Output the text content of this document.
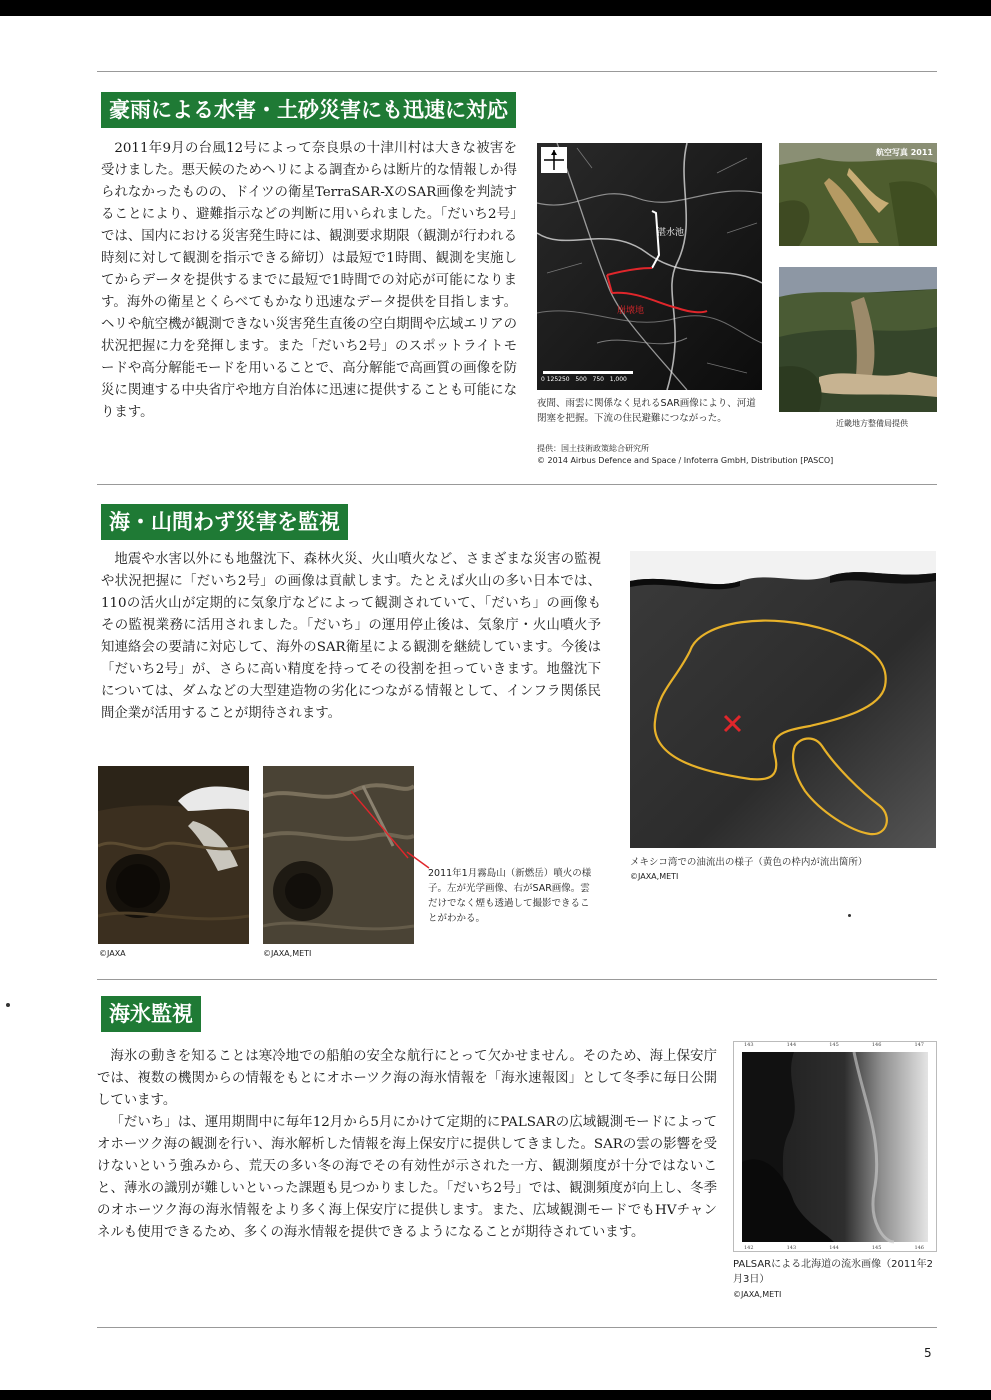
豪雨による水害・土砂災害にも迅速に対応
2011年9月の台風12号によって奈良県の十津川村は大きな被害を受けました。悪天候のためヘリによる調査からは断片的な情報しか得られなかったものの、ドイツの衛星TerraSAR-XのSAR画像を判読することにより、避難指示などの判断に用いられました。「だいち2号」では、国内における災害発生時には、観測要求期限（観測が行われる時刻に対して観測を指示できる締切）は最短で1時間、観測を実施してからデータを提供するまでに最短で1時間での対応が可能になります。海外の衛星とくらべてもかなり迅速なデータ提供を目指します。ヘリや航空機が観測できない災害発生直後の空白期間や広域エリアの状況把握に力を発揮します。また「だいち2号」のスポットライトモードや高分解能モードを用いることで、高分解能で高画質の画像を防災に関連する中央省庁や地方自治体に迅速に提供することも可能になります。
湛水池
崩壊地
0 125250   500   750   1,000
航空写真 2011
夜間、雨雲に関係なく見れるSAR画像により、河道閉塞を把握。下流の住民避難につながった。
提供：国土技術政策総合研究所
© 2014 Airbus Defence and Space / Infoterra GmbH, Distribution [PASCO]
近畿地方整備局提供
海・山問わず災害を監視
地震や水害以外にも地盤沈下、森林火災、火山噴火など、さまざまな災害の監視や状況把握に「だいち2号」の画像は貢献します。たとえば火山の多い日本では、110の活火山が定期的に気象庁などによって観測されていて、「だいち」の画像もその監視業務に活用されました。「だいち」の運用停止後は、気象庁・火山噴火予知連絡会の要請に対応して、海外のSAR衛星による観測を継続しています。今後は「だいち2号」が、さらに高い精度を持ってその役割を担っていきます。地盤沈下については、ダムなどの大型建造物の劣化につながる情報として、インフラ関係民間企業が活用することが期待されます。
2011年1月霧島山（新燃岳）噴火の様子。左が光学画像、右がSAR画像。雲だけでなく煙も透過して撮影できることがわかる。
©JAXA	©JAXA,METI
メキシコ湾での油流出の様子（黄色の枠内が流出箇所）
©JAXA,METI
海氷監視

海氷の動きを知ることは寒冷地での船舶の安全な航行にとって欠かせません。そのため、海上保安庁では、複数の機関からの情報をもとにオホーツク海の海氷情報を「海氷速報図」として冬季に毎日公開しています。

「だいち」は、運用期間中に毎年12月から5月にかけて定期的にPALSARの広域観測モードによってオホーツク海の観測を行い、海氷解析した情報を海上保安庁に提供してきました。SARの雲の影響を受けないという強みから、荒天の多い冬の海でその有効性が示された一方、観測頻度が十分ではないこと、薄氷の識別が難しいといった課題も見つかりました。「だいち2号」では、観測頻度が向上し、冬季のオホーツク海の海氷情報をより多く海上保安庁に提供します。また、広域観測モードでもHVチャンネルも使用できるため、多くの海氷情報を提供できるようになることが期待されています。

143	144	145	146	147
142	143	144	145	146
PALSARによる北海道の流氷画像（2011年2月3日）
©JAXA,METI
5
